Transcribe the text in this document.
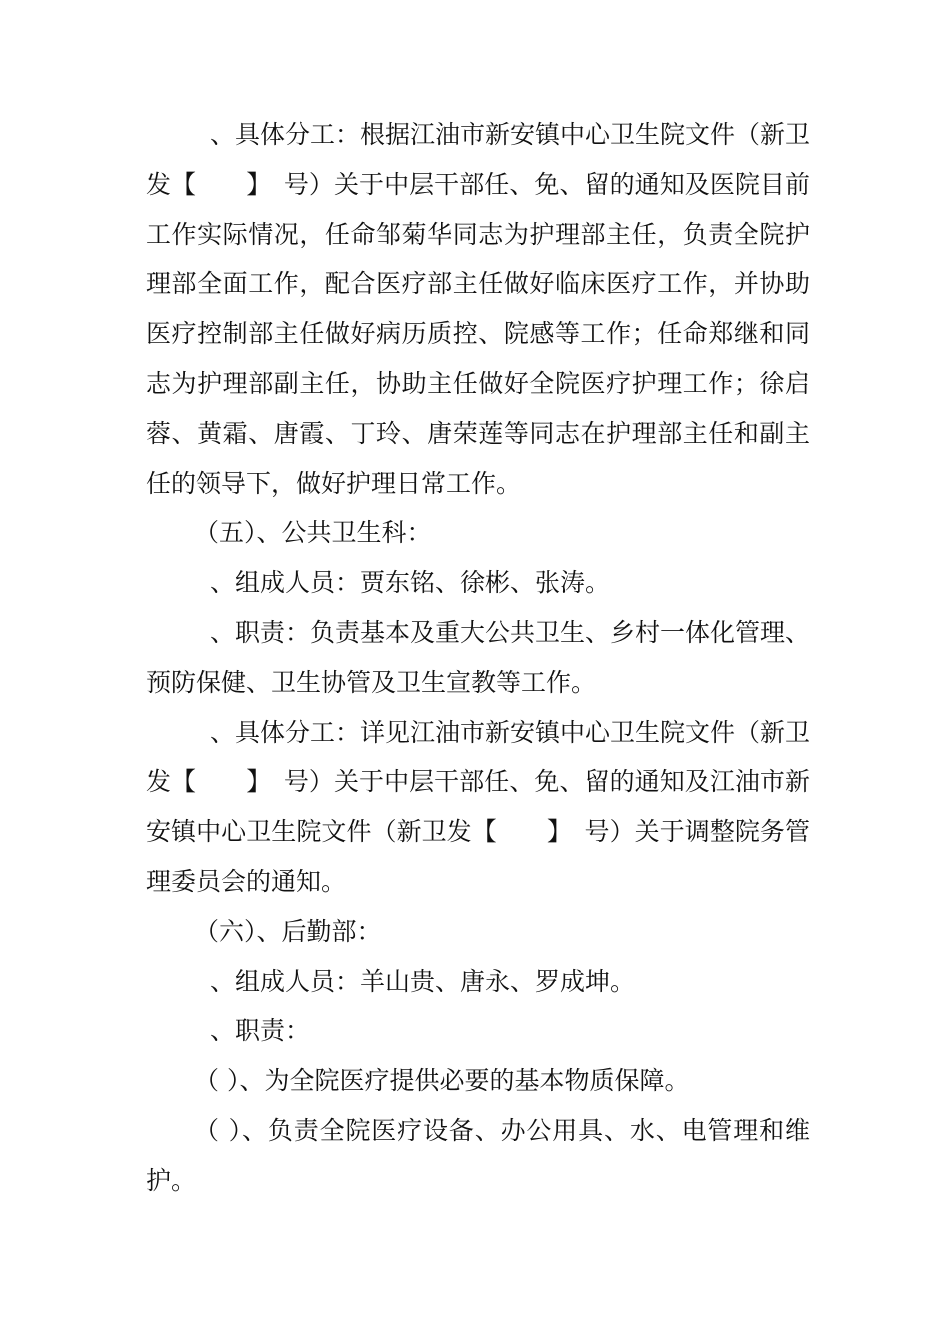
、具体分工：根据江油市新安镇中心卫生院文件（新卫发【　　】　号）关于中层干部任、免、留的通知及医院目前工作实际情况，任命邹菊华同志为护理部主任，负责全院护理部全面工作，配合医疗部主任做好临床医疗工作，并协助医疗控制部主任做好病历质控、院感等工作；任命郑继和同志为护理部副主任，协助主任做好全院医疗护理工作；徐启蓉、黄霜、唐霞、丁玲、唐荣莲等同志在护理部主任和副主任的领导下，做好护理日常工作。

（五）、公共卫生科：

、组成人员：贾东铭、徐彬、张涛。

、职责：负责基本及重大公共卫生、乡村一体化管理、预防保健、卫生协管及卫生宣教等工作。

、具体分工：详见江油市新安镇中心卫生院文件（新卫发【　　】　号）关于中层干部任、免、留的通知及江油市新安镇中心卫生院文件（新卫发【　　】　号）关于调整院务管理委员会的通知。

（六）、后勤部：

、组成人员：羊山贵、唐永、罗成坤。

、职责：

（ ）、为全院医疗提供必要的基本物质保障。

（ ）、负责全院医疗设备、办公用具、水、电管理和维护。
